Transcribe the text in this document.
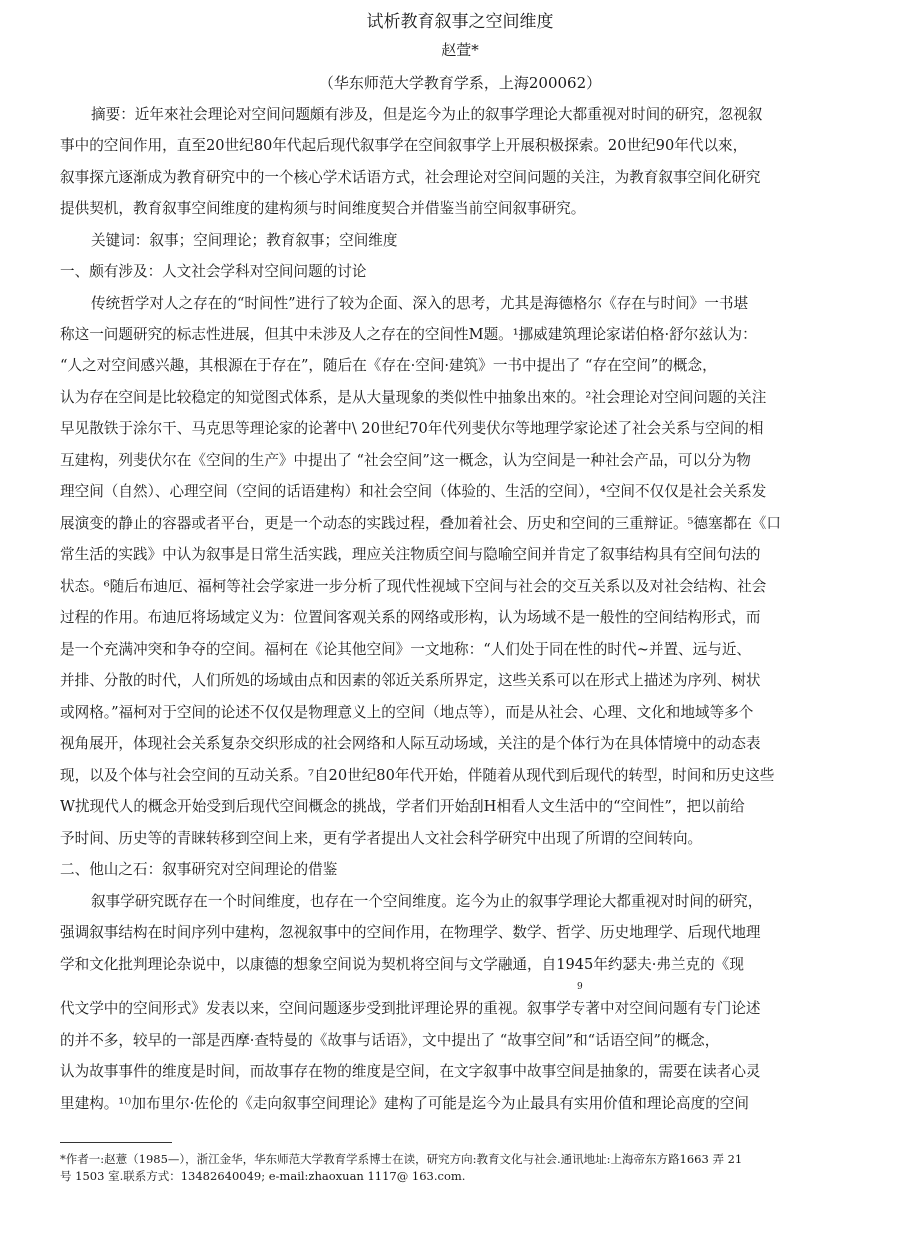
试析教育叙事之空间维度
赵萱*
（华东师范大学教育学系，上海200062）
摘要：近年來社会理论对空间问题頗有涉及，但是迄今为止的叙事学理论大都重视对时间的研究，忽视叙
事中的空间作用，直至20世纪80年代起后现代叙事学在空间叙事学上开展积极探索。20世纪90年代以來，
叙事探亢逐渐成为教育研究中的一个核心学术话语方式，社会理论对空间问题的关注，为教育叙事空间化研究
提供契机，教育叙事空间维度的建构须与时间维度契合并借鉴当前空间叙事研究。
关键词：叙事；空间理论；教育叙事；空间维度
一、颇有涉及：人文社会学科对空间问题的讨论
传统哲学对人之存在的“时间性”进行了较为企面、深入的思考，尤其是海德格尔《存在与时间》一书堪
称这一问题研究的标志性进展，但其中未涉及人之存在的空间性M题。¹挪威建筑理论家诺伯格·舒尔兹认为：
“人之对空间感兴趣，其根源在于存在”，随后在《存在·空间·建筑》一书中提出了 “存在空间”的概念，
认为存在空间是比较稳定的知觉图式体系，是从大量现象的类似性中抽象出來的。²社会理论对空间问题的关注
早见散铁于涂尔干、马克思等理论家的论著中\ 20世纪70年代列斐伏尔等地理学家论述了社会关系与空间的相
互建构，列斐伏尔在《空间的生产》中提出了 “社会空间”这一概念，认为空间是一种社会产品，可以分为物
理空间（自然）、心理空间（空间的话语建构）和社会空间（体验的、生活的空间），⁴空间不仅仅是社会关系发
展演变的静止的容器或者平台，更是一个动态的实践过程，叠加着社会、历史和空间的三重辩证。⁵德塞都在《口
常生活的实践》中认为叙事是日常生活实践，理应关注物质空间与隐喻空间并肯定了叙事结构具有空间句法的
状态。⁶随后布迪厄、福柯等社会学家进一步分析了现代性视域下空间与社会的交互关系以及对社会结构、社会
过程的作用。布迪厄将场域定义为：位置间客观关系的网络或形构，认为场域不是一般性的空间结构形式，而
是一个充满冲突和争夺的空间。福柯在《论其他空间》一文地称：“人们处于同在性的时代~并置、远与近、
并排、分散的时代，人们所処的场域由点和因素的邻近关系所界定，这些关系可以在形式上描述为序列、树状
或网格。”福柯对于空间的论述不仅仅是物理意义上的空间（地点等），而是从社会、心理、文化和地域等多个
视角展开，体现社会关系复杂交织形成的社会网络和人际互动场域，关注的是个体行为在具体情境中的动态表
现，以及个体与社会空间的互动关系。⁷自20世纪80年代开始，伴随着从现代到后现代的转型，时间和历史这些
W扰现代人的概念开始受到后现代空间概念的挑战，学者们开始刮H相看人文生活中的“空间性”，把以前给
予时间、历史等的青睐转移到空间上来，更有学者提出人文社会科学研究中出现了所谓的空间转向。
二、他山之石：叙事研究对空间理论的借鉴
叙事学研究既存在一个时间维度，也存在一个空间维度。迄今为止的叙事学理论大都重视对时间的研究，
强调叙事结构在时间序列中建构，忽视叙事中的空间作用，在物理学、数学、哲学、历史地理学、后现代地理
学和文化批判理论杂说中，以康德的想象空间说为契机将空间与文学融通，自1945年约瑟夫·弗兰克的《现
9
代文学中的空间形式》发表以来，空间问题逐步受到批评理论界的重视。叙事学专著中对空间问题有专门论述
的并不多，较早的一部是西摩·查特曼的《故事与话语》，文中提出了 “故事空间”和“话语空间”的概念，
认为故事事件的维度是时间，而故事存在物的维度是空间，在文字叙事中故事空间是抽象的，需要在读者心灵
里建构。¹⁽⁾加布里尔·佐伦的《走向叙事空间理论》建构了可能是迄今为止最具有实用价值和理论高度的空间
*作者一:赵薏（1985—），浙江金华，华东师范大学教育学系博士在读，研究方向:教育文化与社会.通讯地址:上海帝东方路1663 弄 21
号 1503 室.联系方式：13482640049; e-mail:zhaoxuan 1117@ 163.com.
